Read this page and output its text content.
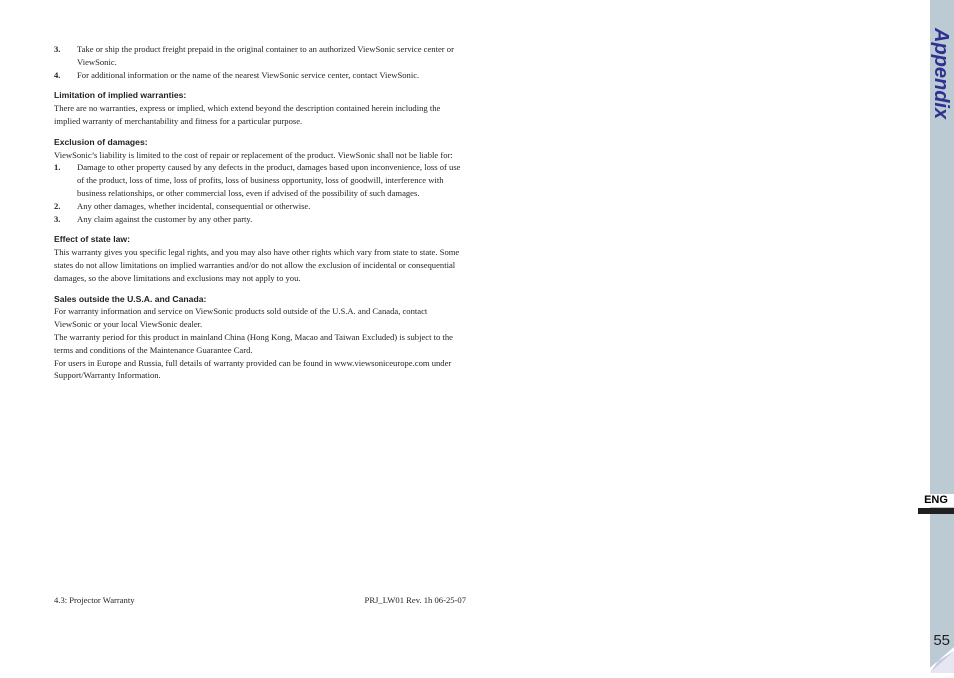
3.	Take or ship the product freight prepaid in the original container to an authorized ViewSonic service center or ViewSonic.
4.	For additional information or the name of the nearest ViewSonic service center, contact ViewSonic.
Limitation of implied warranties:

There are no warranties, express or implied, which extend beyond the description contained herein including the implied warranty of merchantability and fitness for a particular purpose.

Exclusion of damages:

ViewSonic’s liability is limited to the cost of repair or replacement of the product. ViewSonic shall not be liable for:

1.	Damage to other property caused by any defects in the product, damages based upon inconvenience, loss of use of the product, loss of time, loss of profits, loss of business opportunity, loss of goodwill, interference with business relationships, or other commercial loss, even if advised of the possibility of such damages.
2.	Any other damages, whether incidental, consequential or otherwise.
3.	Any claim against the customer by any other party.
Effect of state law:

This warranty gives you specific legal rights, and you may also have other rights which vary from state to state. Some states do not allow limitations on implied warranties and/or do not allow the exclusion of incidental or consequential damages, so the above limitations and exclusions may not apply to you.

Sales outside the U.S.A. and Canada:

For warranty information and service on ViewSonic products sold outside of the U.S.A. and Canada, contact ViewSonic or your local ViewSonic dealer.

The warranty period for this product in mainland China (Hong Kong, Macao and Taiwan Excluded) is subject to the terms and conditions of the Maintenance Guarantee Card.

For users in Europe and Russia, full details of warranty provided can be found in www.viewsoniceurope.com under Support/Warranty Information.

4.3: Projector Warranty	PRJ_LW01 Rev. 1h 06-25-07
Appendix
ENG
55
